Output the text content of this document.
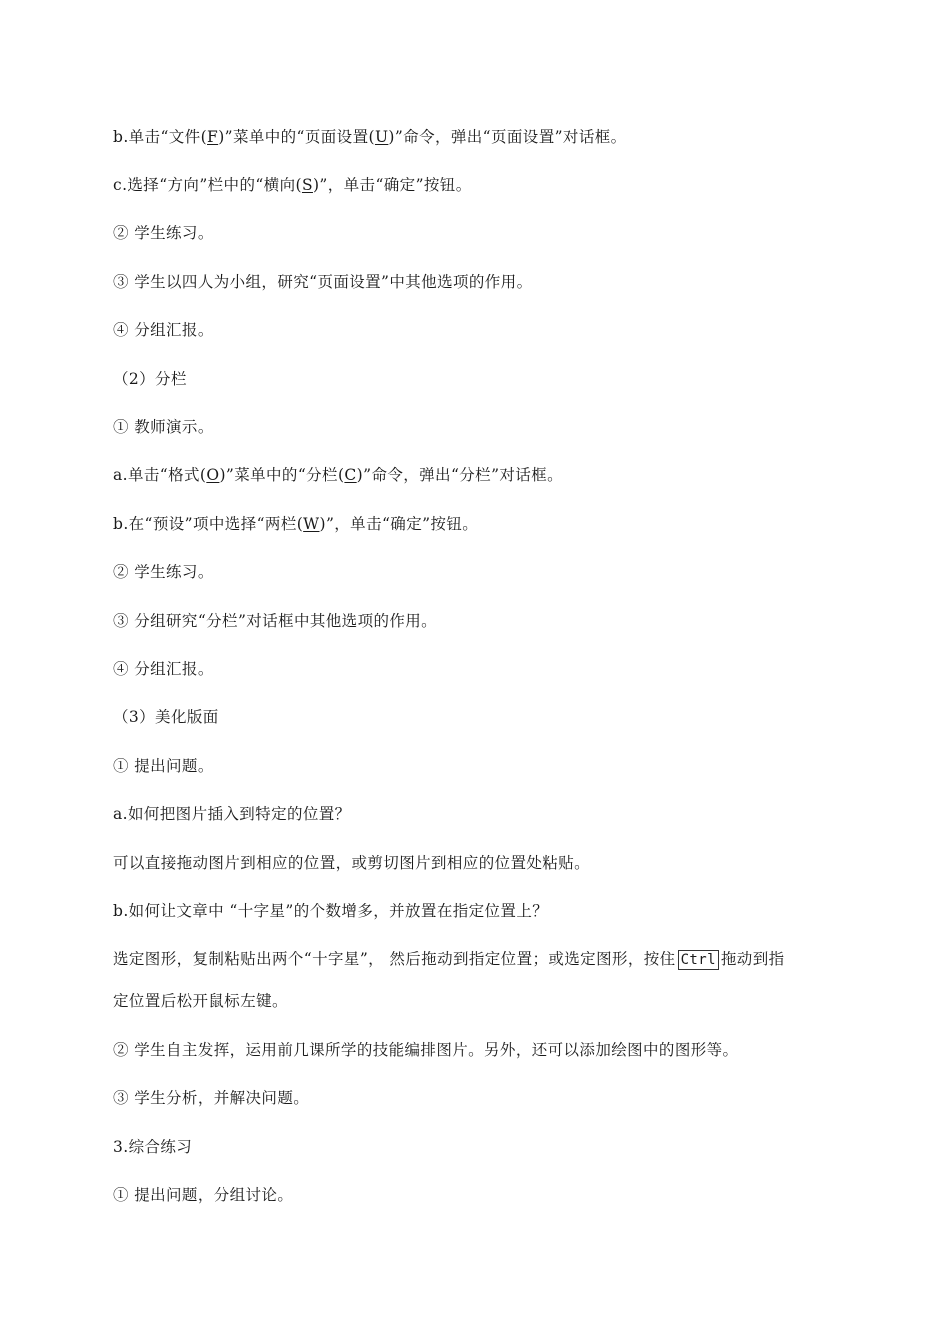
b.单击“文件(F)”菜单中的“页面设置(U)”命令，弹出“页面设置”对话框。
c.选择“方向”栏中的“横向(S)”，单击“确定”按钮。
② 学生练习。
③ 学生以四人为小组，研究“页面设置”中其他选项的作用。
④ 分组汇报。
（2）分栏
① 教师演示。
a.单击“格式(O)”菜单中的“分栏(C)”命令，弹出“分栏”对话框。
b.在“预设”项中选择“两栏(W)”，单击“确定”按钮。
② 学生练习。
③ 分组研究“分栏”对话框中其他选项的作用。
④ 分组汇报。
（3）美化版面
① 提出问题。
a.如何把图片插入到特定的位置？
可以直接拖动图片到相应的位置，或剪切图片到相应的位置处粘贴。
b.如何让文章中 “十字星”的个数增多，并放置在指定位置上？
选定图形，复制粘贴出两个“十字星”， 然后拖动到指定位置；或选定图形，按住 Ctrl 拖动到指
定位置后松开鼠标左键。
② 学生自主发挥，运用前几课所学的技能编排图片。另外，还可以添加绘图中的图形等。
③ 学生分析，并解决问题。
3.综合练习
① 提出问题，分组讨论。
